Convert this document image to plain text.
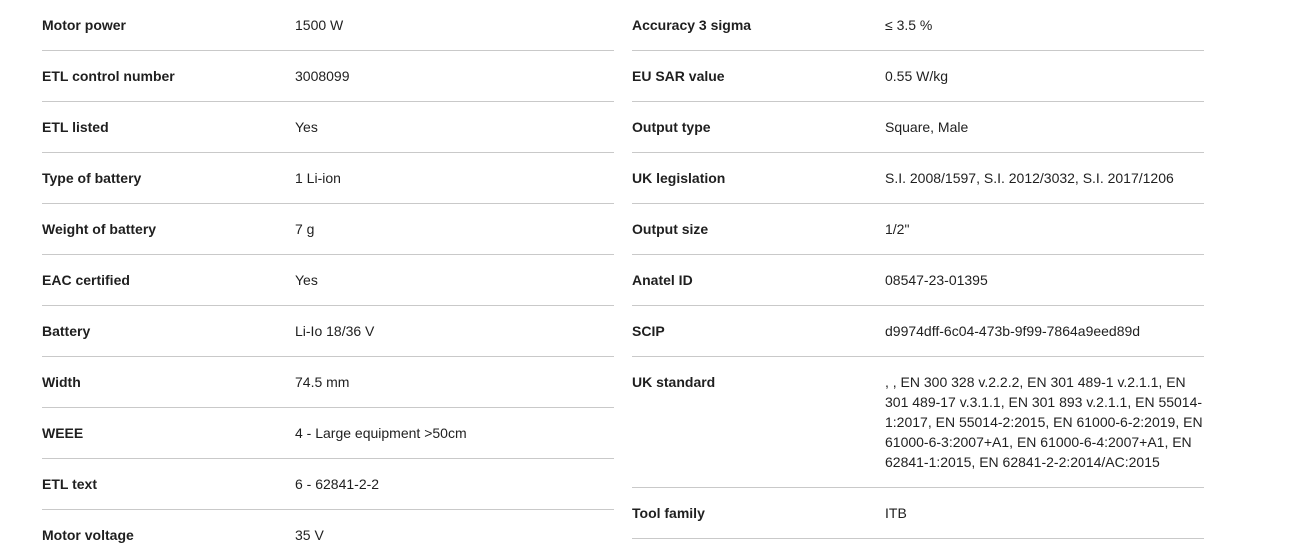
Motor power	1500 W
ETL control number	3008099
ETL listed	Yes
Type of battery	1 Li-ion
Weight of battery	7 g
EAC certified	Yes
Battery	Li-Io 18/36 V
Width	74.5 mm
WEEE	4 - Large equipment >50cm
ETL text	6 - 62841-2-2
Motor voltage	35 V
Accuracy 3 sigma	≤ 3.5 %
EU SAR value	0.55 W/kg
Output type	Square, Male
UK legislation	S.I. 2008/1597, S.I. 2012/3032, S.I. 2017/1206
Output size	1/2"
Anatel ID	08547-23-01395
SCIP	d9974dff-6c04-473b-9f99-7864a9eed89d
UK standard	, , EN 300 328 v.2.2.2, EN 301 489-1 v.2.1.1, EN 301 489-17 v.3.1.1, EN 301 893 v.2.1.1, EN 55014-1:2017, EN 55014-2:2015, EN 61000-6-2:2019, EN 61000-6-3:2007+A1, EN 61000-6-4:2007+A1, EN 62841-1:2015, EN 62841-2-2:2014/AC:2015
Tool family	ITB
